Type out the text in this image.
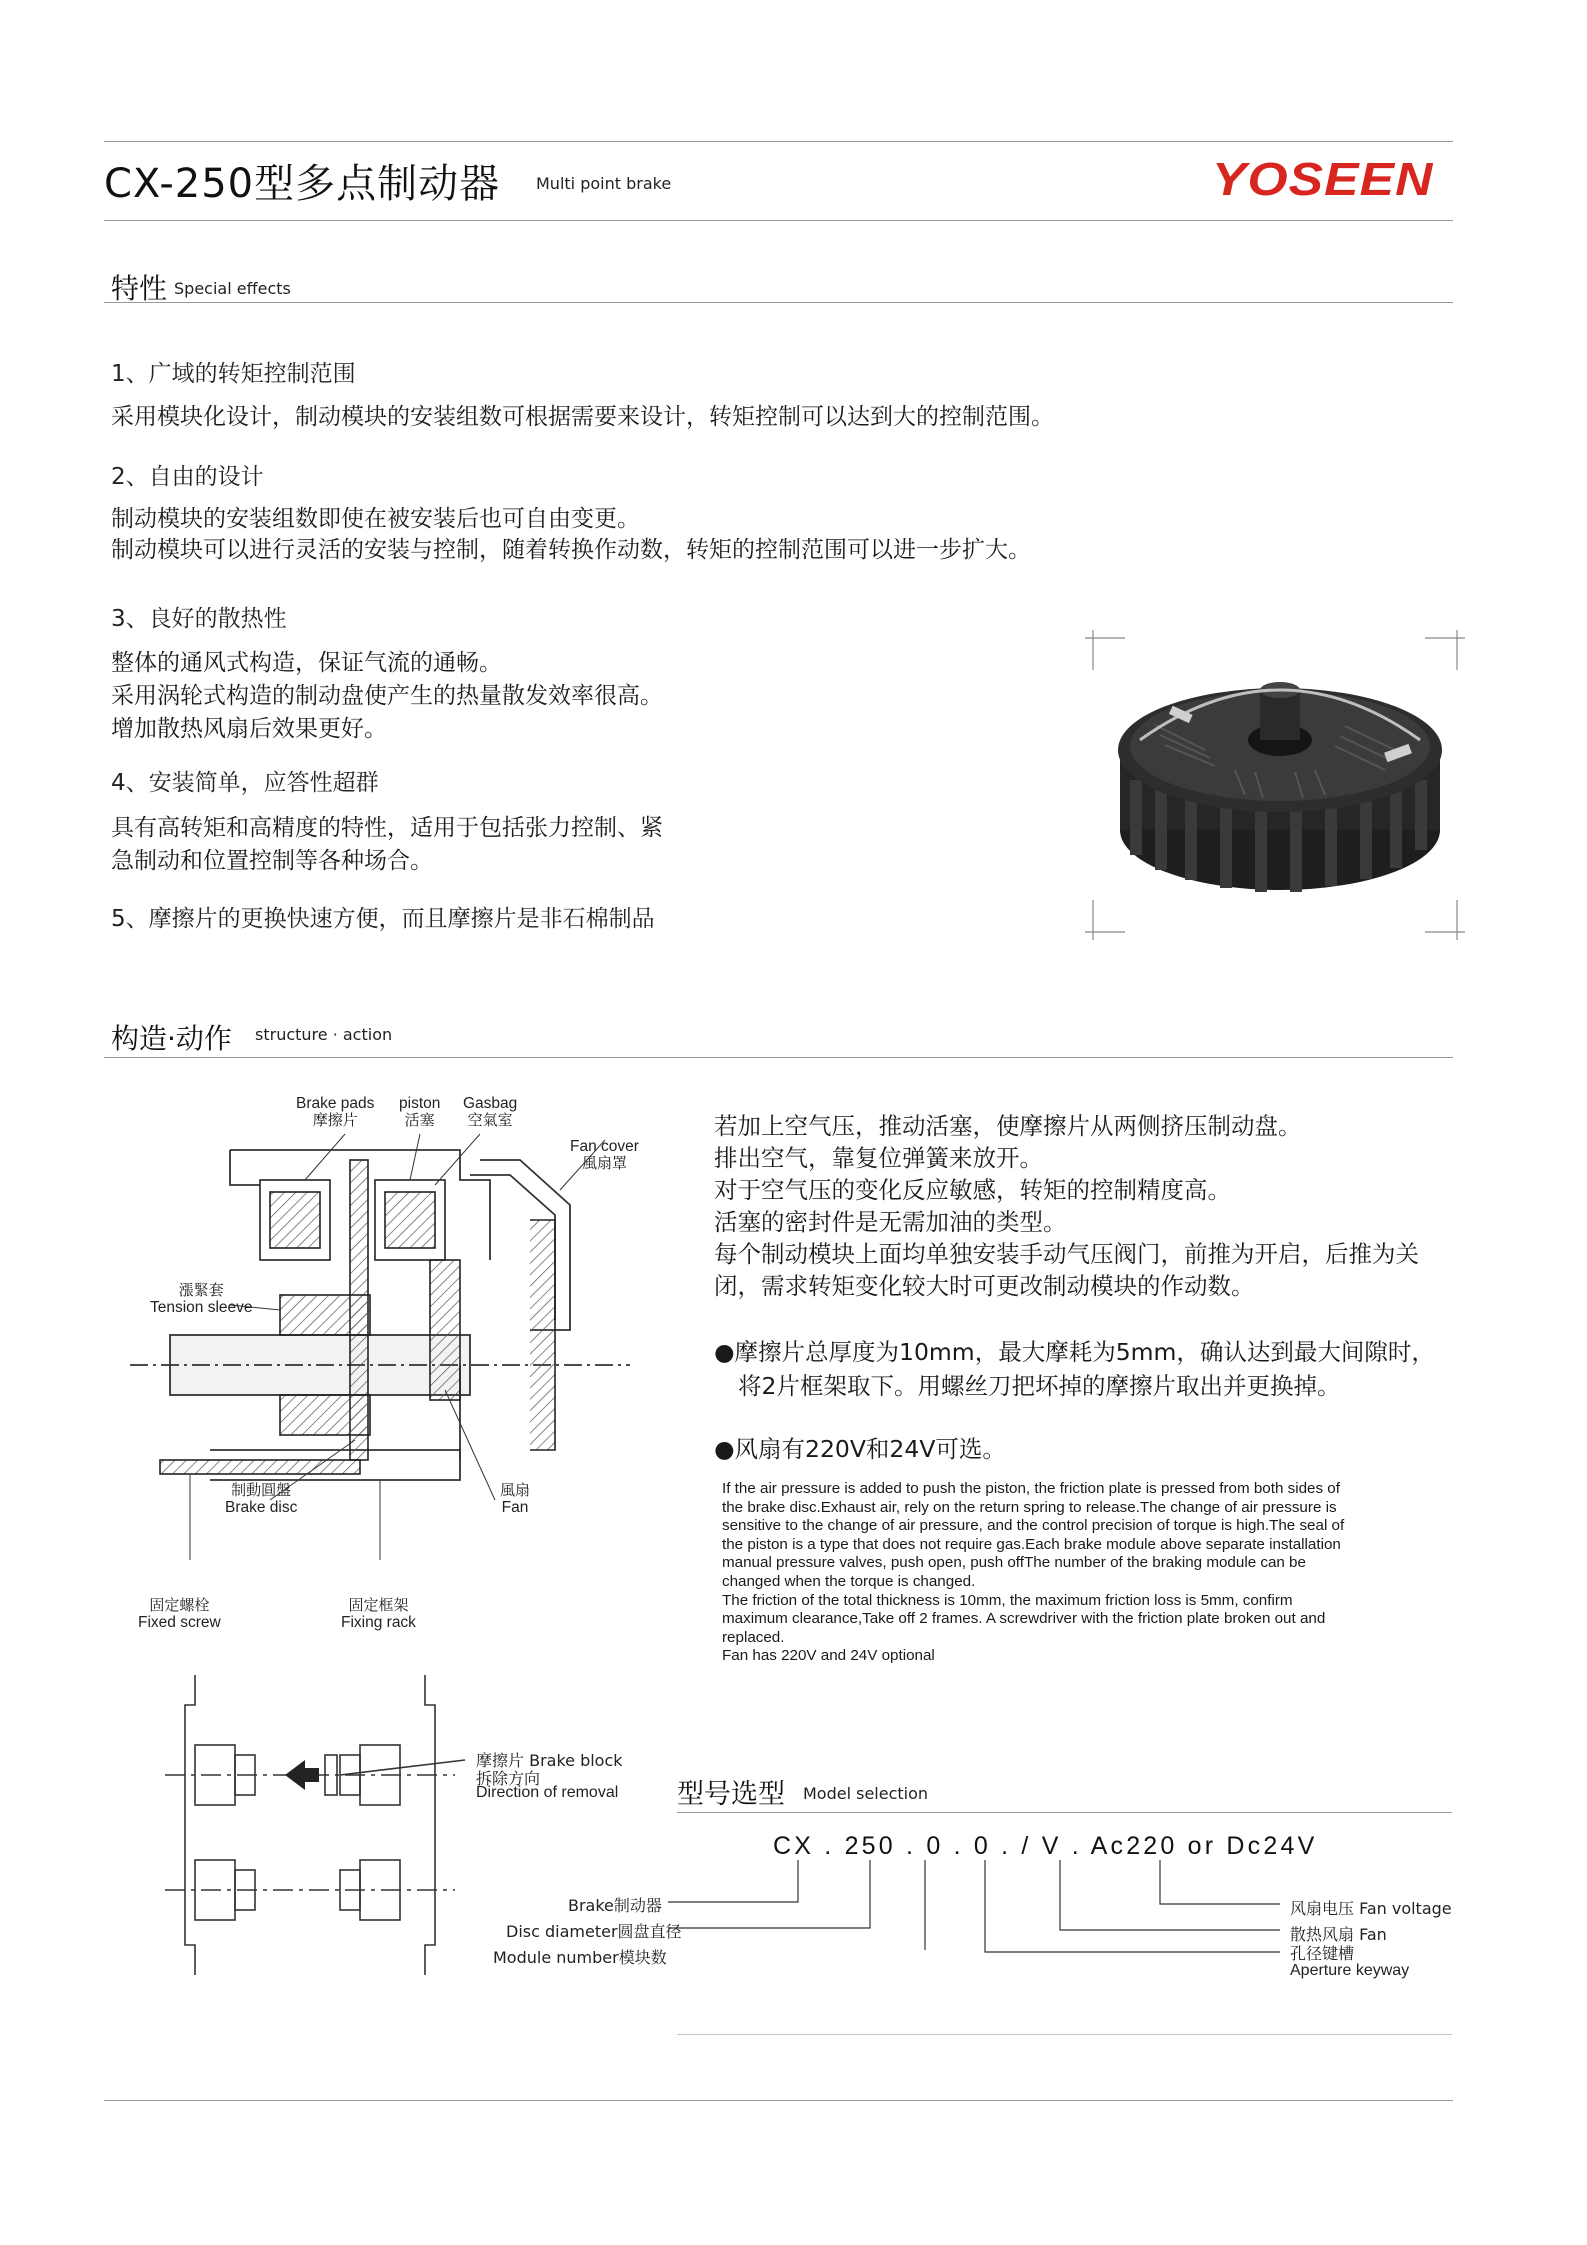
CX-250型多点制动器 Multi point brake	YOSEEN
特性 Special effects
1、广域的转矩控制范围
采用模块化设计，制动模块的安装组数可根据需要来设计，转矩控制可以达到大的控制范围。
2、自由的设计
制动模块的安装组数即使在被安装后也可自由变更。
制动模块可以进行灵活的安装与控制，随着转换作动数，转矩的控制范围可以进一步扩大。
3、良好的散热性
整体的通风式构造，保证气流的通畅。
采用涡轮式构造的制动盘使产生的热量散发效率很高。
增加散热风扇后效果更好。
4、安装简单，应答性超群
具有高转矩和高精度的特性，适用于包括张力控制、紧
急制动和位置控制等各种场合。
5、摩擦片的更换快速方便，而且摩擦片是非石棉制品
构造·动作 structure · action
Brake pads
摩擦片
piston
活塞
Gasbag
空氣室
Fan cover
風扇罩
漲緊套
Tension sleeve
制動圓盤
Brake disc
風扇
Fan
固定螺栓
Fixed screw
固定框架
Fixing rack
若加上空气压，推动活塞，使摩擦片从两侧挤压制动盘。
排出空气，靠复位弹簧来放开。
对于空气压的变化反应敏感，转矩的控制精度高。
活塞的密封件是无需加油的类型。
每个制动模块上面均单独安装手动气压阀门，前推为开启，后推为关
闭，需求转矩变化较大时可更改制动模块的作动数。
●摩擦片总厚度为10mm，最大摩耗为5mm，确认达到最大间隙时，
将2片框架取下。用螺丝刀把坏掉的摩擦片取出并更换掉。
●风扇有220V和24V可选。
If the air pressure is added to push the piston, the friction plate is pressed from both sides of
the brake disc.Exhaust air, rely on the return spring to release.The change of air pressure is
sensitive to the change of air pressure, and the control precision of torque is high.The seal of
the piston is a type that does not require gas.Each brake module above separate installation
manual pressure valves, push open, push offThe number of the braking module can be
changed when the torque is changed.
The friction of the total thickness is 10mm, the maximum friction loss is 5mm, confirm
maximum clearance,Take off 2 frames. A screwdriver with the friction plate broken out and
replaced.
Fan has 220V and 24V optional
摩擦片 Brake block
拆除方向
Direction of removal 型号选型 Model selection
CX . 250 . 0 . 0 . / V . Ac220 or Dc24V
Brake制动器
Disc diameter圆盘直径
Module number模块数
风扇电压 Fan voltage
散热风扇 Fan
孔径键槽
Aperture keyway
